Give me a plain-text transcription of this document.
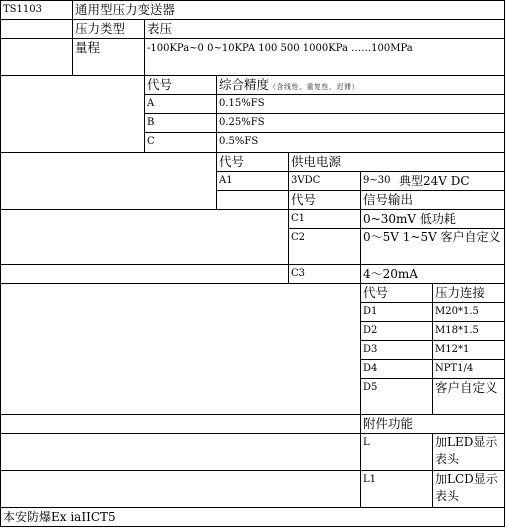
TS1103	通用型压力变送器
压力类型 表压
量程	-100KPa~0 0~10KPA 100 500 1000KPa ……100MPa
代号	综合精度（含线性、重复性、迟滞）
A	0.15%FS
B	0.25%FS
C	0.5%FS
代号	供电电源
A1	3VDC	9~30 典型24V DC
代号	信号输出
C1	0~30mV 低功耗
C2	0～5V 1~5V 客户自定义
C3	4～20mA
代号	压力连接
D1	M20*1.5
D2	M18*1.5
D3	M12*1
D4	NPT1/4
D5	客户自定义
附件功能
L	加LED显示表头
L1	加LCD显示表头
本安防爆Ex iaIICT5
